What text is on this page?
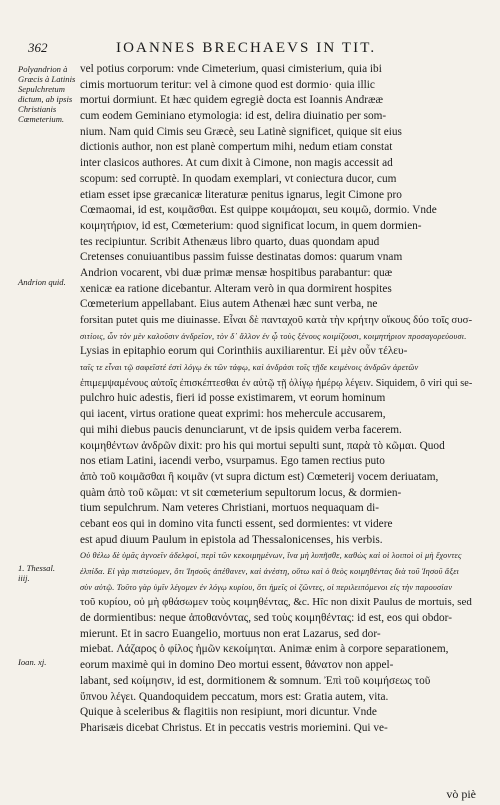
362	IOANNES BRECHAEVS IN TIT.
Polyandrion à Græcis à Latinis Sepulchretum dictum, ab ipsis Christianis Cœmeterium.
Andrion quid.
1. Thessal. iiij.
Ioan. xj.
vel potius corporum: vnde Cimeterium, quasi cimisterium, quia ibi
cimis mortuorum teritur: vel à cimone quod est dormio· quia illic
mortui dormiunt. Et hæc quidem egregiè docta est Ioannis Andrææ
cum eodem Geminiano etymologia: id est, delira diuinatio per som-
nium. Nam quid Cimis seu Græcè, seu Latinè significet, quique sit eius
dictionis author, non est planè compertum mihi, nedum etiam constat
inter clasicos authores. At cum dixit à Cimone, non magis accessit ad
scopum: sed corruptè. In quodam exemplari, vt coniectura ducor, cum
etiam esset ipse græcanicæ literaturæ penitus ignarus, legit Cimone pro
Cœmaomai, id est, κοιμᾶσθαι. Est quippe κοιμάομαι, seu κοιμῶ, dormio. Vnde
κοιμητήριον, id est, Cœmeterium: quod significat locum, in quem dormien-
tes recipiuntur. Scribit Athenæus libro quarto, duas quondam apud
Cretenses conuiuantibus passim fuisse destinatas domos: quarum vnam
Andrion vocarent, vbi duæ primæ mensæ hospitibus parabantur: quæ
xenicæ ea ratione dicebantur. Alteram verò in qua dormirent hospites
Cœmeterium appellabant. Eius autem Athenæi hæc sunt verba, ne
forsitan putet quis me diuinasse. Εἶναι δὲ πανταχοῦ κατὰ τὴν κρήτην οἴκους δύο τοῖς συσ-
σιτίοις, ὧν τὸν μὲν καλοῦσιν ἀνδρεῖον, τὸν δ᾽ ἄλλον ἐν ᾧ τοὺς ξένους κοιμίζουσι, κοιμητήριον προσαγορεύουσι.
Lysias in epitaphio eorum qui Corinthiis auxiliarentur. Εἰ μὲν οὖν τέλευ-
ταῖς τε εἶναι τῷ σαφεῖστέ ἐστὶ λόγῳ ἐκ τῶν τάφῳ, καὶ ἀνδράσι τοῖς τῇδε κειμένοις ἀνδρῶν ἀρετῶν
ἐπιμεμψαμένους αὐτοῖς ἐπισκέπτεσθαι ἐν αὐτῷ τῇ ὀλίγῳ ἡμέρῳ λέγειν. Siquidem, ô viri qui se-
pulchro huic adestis, fieri id posse existimarem, vt eorum hominum
qui iacent, virtus oratione queat exprimi: hos mehercule accusarem,
qui mihi diebus paucis denunciarunt, vt de ipsis quidem verba facerem.
κοιμηθέντων ἀνδρῶν dixit: pro his qui mortui sepulti sunt, παρὰ τὸ κῶμαι. Quod
nos etiam Latini, iacendi verbo, vsurpamus. Ego tamen rectius puto
ἀπὸ τοῦ κοιμᾶσθαι ἢ κοιμᾶν (vt supra dictum est) Cœmeterij vocem deriuatam,
quàm ἀπὸ τοῦ κῶμαι: vt sit cœmeterium sepultorum locus, & dormien-
tium sepulchrum. Nam veteres Christiani, mortuos nequaquam di-
cebant eos qui in domino vita functi essent, sed dormientes: vt videre
est apud diuum Paulum in epistola ad Thessalonicenses, his verbis.
Οὐ θέλω δὲ ὑμᾶς ἀγνοεῖν ἀδελφοί, περὶ τῶν κεκοιμημένων, ἵνα μὴ λυπῆσθε, καθὼς καὶ οἱ λοιποὶ οἱ μὴ ἔχοντες
ἐλπίδα. Εἰ γὰρ πιστεύομεν, ὅτι Ἰησοῦς ἀπέθανεν, καὶ ἀνέστη, οὕτω καὶ ὁ θεὸς κοιμηθέντας διὰ τοῦ Ἰησοῦ ἄξει
σὺν αὐτῷ. Τοῦτο γὰρ ὑμῖν λέγομεν ἐν λόγῳ κυρίου, ὅτι ἡμεῖς οἱ ζῶντες, οἱ περιλειπόμενοι εἰς τὴν παρουσίαν
τοῦ κυρίου, οὐ μὴ φθάσωμεν τοὺς κοιμηθέντας, &c. Hîc non dixit Paulus de mortuis, sed
de dormientibus: neque ἀποθανόντας, sed τοὺς κοιμηθέντας: id est, eos qui obdor-
mierunt. Et in sacro Euangelio, mortuus non erat Lazarus, sed dor-
miebat. Λάζαρος ὁ φίλος ἡμῶν κεκοίμηται. Animæ enim à corpore separationem,
eorum maximè qui in domino Deo mortui essent, θάνατον non appel-
labant, sed κοίμησιν, id est, dormitionem & somnum. Ἐπὶ τοῦ κοιμήσεως τοῦ
ὕπνου λέγει. Quandoquidem peccatum, mors est: Gratia autem, vita.
Quique à sceleribus & flagitiis non resipiunt, mori dicuntur. Vnde
Pharisæis dicebat Christus. Et in peccatis vestris moriemini. Qui ve-
vò piè
